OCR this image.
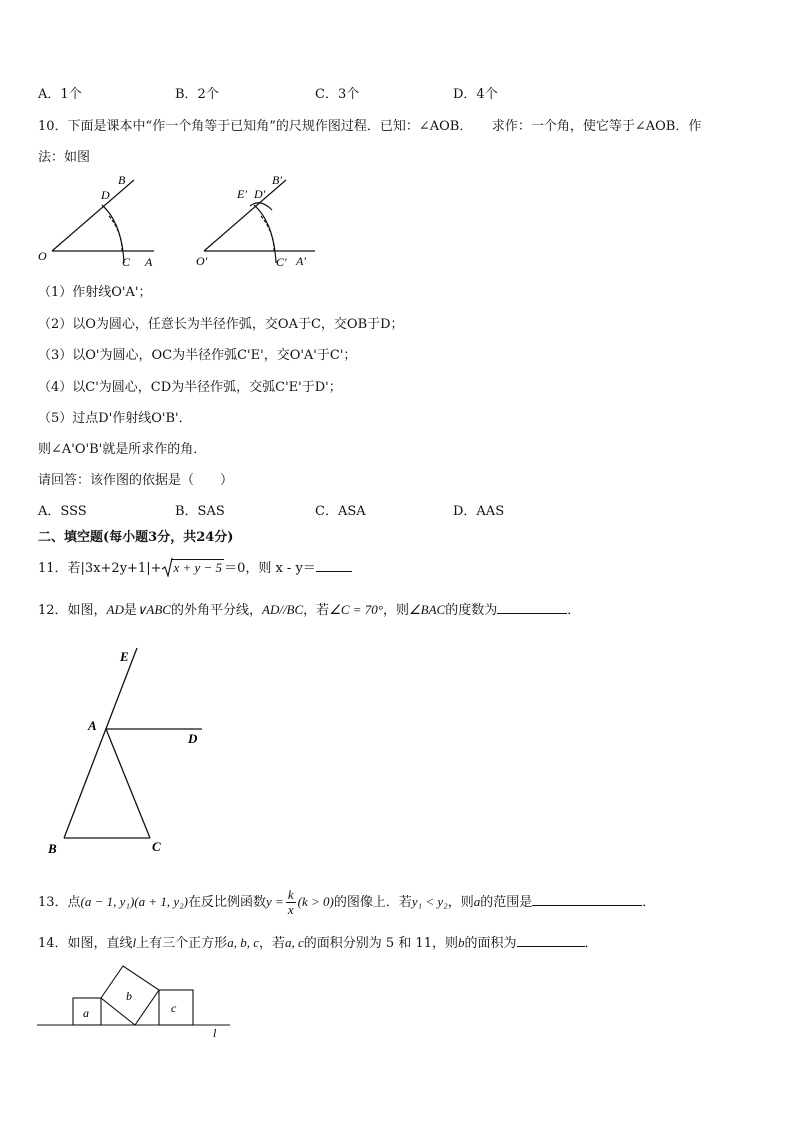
A．1个	B．2个	C．3个	D．4个
10．下面是课本中“作一个角等于已知角”的尺规作图过程．已知：∠AOB．　　求作：一个角，使它等于∠AOB．作
法：如图
B
D
O	C A
B′
E′ D′
O′	C′ A′
（1）作射线O'A'；
（2）以O为圆心，任意长为半径作弧，交OA于C，交OB于D；
（3）以O'为圆心，OC为半径作弧C'E'，交O'A'于C'；
（4）以C'为圆心，CD为半径作弧，交弧C'E'于D'；
（5）过点D'作射线O'B'．
则∠A'O'B'就是所求作的角．
请回答：该作图的依据是（　　）
A．SSS	B．SAS	C．ASA	D．AAS
二、填空题(每小题3分，共24分)
11．若|3x+2y+1|+ x + y − 5 ＝0，则 x - y＝
12．如图，AD是∨ABC的外角平分线，AD//BC，若∠C = 70°，则∠BAC的度数为	．
E
A
D
B	C
13．点(a − 1, y₁)(a + 1, y₂)在反比例函数$y = \frac{k}{x} (k > 0)$的图像上．若y₁ < y₂，则a的范围是	．
14．如图，直线l上有三个正方形a, b, c，若a, c的面积分别为 5 和 11，则b的面积为	．
a
b
c
l
